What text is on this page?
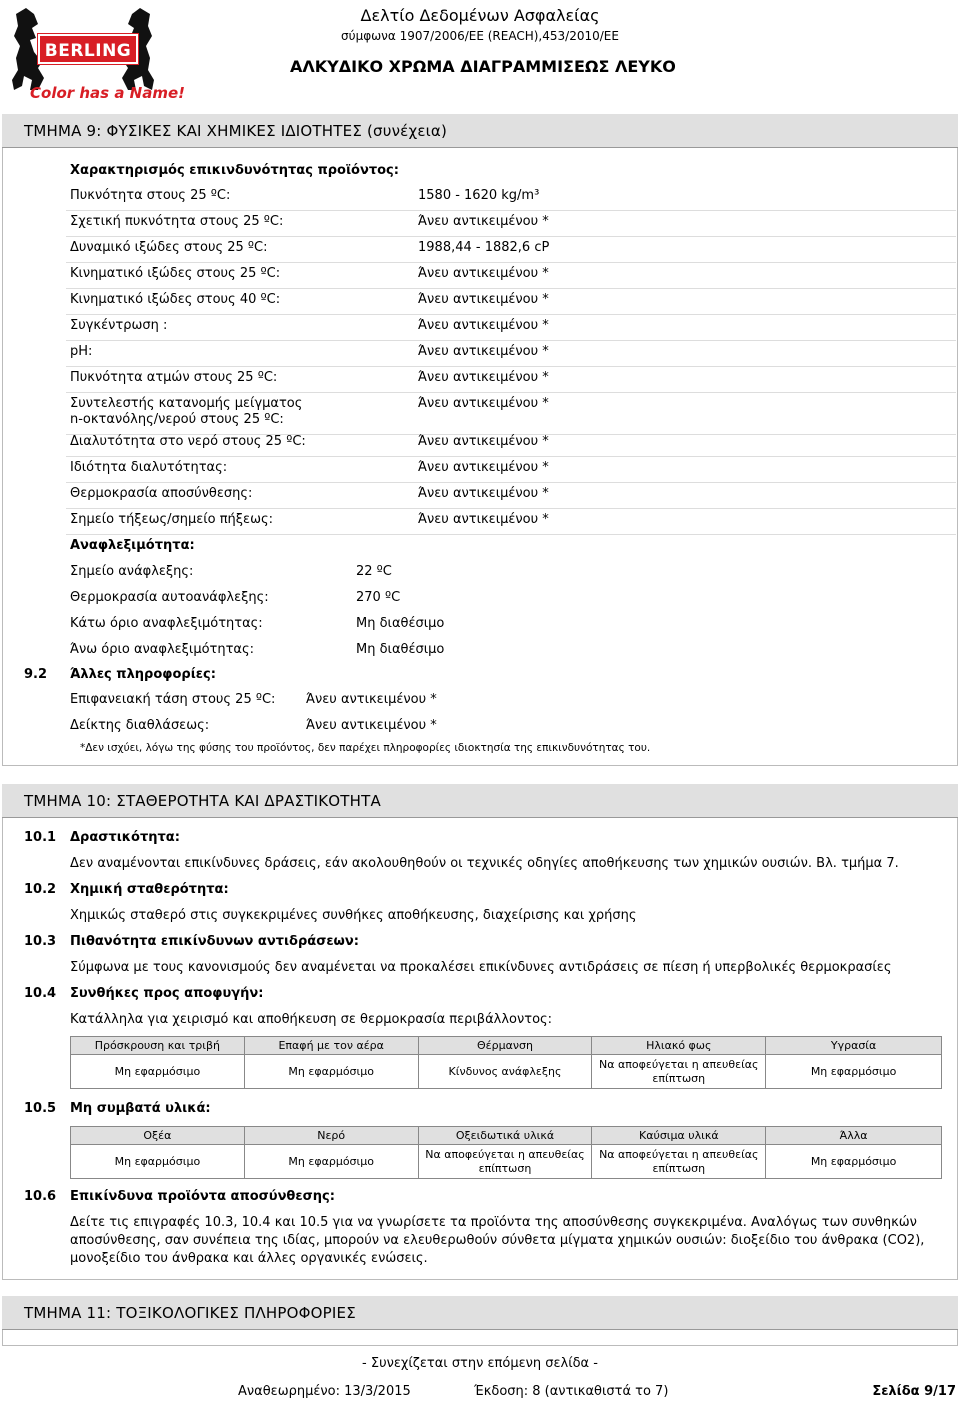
BERLING
Color has a Name!
Δελτίο Δεδομένων Ασφαλείας
σύμφωνα 1907/2006/ΕΕ (REACH),453/2010/ΕΕ
ΑΛΚΥΔΙΚΟ ΧΡΩΜΑ ΔΙΑΓΡΑΜΜΙΣΕΩΣ ΛΕΥΚΟ
ΤΜΗΜΑ 9: ΦΥΣΙΚΕΣ ΚΑΙ ΧΗΜΙΚΕΣ ΙΔΙΟΤΗΤΕΣ (συνέχεια)
Χαρακτηρισμός επικινδυνότητας προϊόντος:
Πυκνότητα στους 25 ºC:	1580 - 1620 kg/m³
Σχετική πυκνότητα στους 25 ºC:	Άνευ αντικειμένου *
Δυναμικό ιξώδες στους 25 ºC:	1988,44 - 1882,6 cP
Κινηματικό ιξώδες στους 25 ºC:	Άνευ αντικειμένου *
Κινηματικό ιξώδες στους 40 ºC:	Άνευ αντικειμένου *
Συγκέντρωση :	Άνευ αντικειμένου *
pH:	Άνευ αντικειμένου *
Πυκνότητα ατμών στους 25 ºC:	Άνευ αντικειμένου *
Συντελεστής κατανομής μείγματος
n-οκτανόλης/νερού στους 25 ºC:
Άνευ αντικειμένου *
Διαλυτότητα στο νερό στους 25 ºC:	Άνευ αντικειμένου *
Ιδιότητα διαλυτότητας:	Άνευ αντικειμένου *
Θερμοκρασία αποσύνθεσης:	Άνευ αντικειμένου *
Σημείο τήξεως/σημείο πήξεως:	Άνευ αντικειμένου *
Αναφλεξιμότητα:
Σημείο ανάφλεξης:	22 ºC
Θερμοκρασία αυτοανάφλεξης:	270 ºC
Κάτω όριο αναφλεξιμότητας:	Μη διαθέσιμο
Άνω όριο αναφλεξιμότητας:	Μη διαθέσιμο
9.2 Άλλες πληροφορίες:
Επιφανειακή τάση στους 25 ºC: Άνευ αντικειμένου *
Δείκτης διαθλάσεως:	Άνευ αντικειμένου *
*Δεν ισχύει, λόγω της φύσης του προϊόντος, δεν παρέχει πληροφορίες ιδιοκτησία της επικινδυνότητας του.
ΤΜΗΜΑ 10: ΣΤΑΘΕΡΟΤΗΤΑ ΚΑΙ ΔΡΑΣΤΙΚΟΤΗΤΑ
10.1 Δραστικότητα:
Δεν αναμένονται επικίνδυνες δράσεις, εάν ακολουθηθούν οι τεχνικές οδηγίες αποθήκευσης των χημικών ουσιών. Βλ. τμήμα 7.
10.2 Χημική σταθερότητα:
Χημικώς σταθερό στις συγκεκριμένες συνθήκες αποθήκευσης, διαχείρισης και χρήσης
10.3 Πιθανότητα επικίνδυνων αντιδράσεων:
Σύμφωνα με τους κανονισμούς δεν αναμένεται να προκαλέσει επικίνδυνες αντιδράσεις σε πίεση ή υπερβολικές θερμοκρασίες
10.4 Συνθήκες προς αποφυγήν:
Κατάλληλα για χειρισμό και αποθήκευση σε θερμοκρασία περιβάλλοντος:
Πρόσκρουση και τριβή	Επαφή με τον αέρα	Θέρμανση	Ηλιακό φως	Υγρασία
Μη εφαρμόσιμο	Μη εφαρμόσιμο	Κίνδυνος ανάφλεξης	Να αποφεύγεται η απευθείας
επίπτωση	Μη εφαρμόσιμο
10.5 Μη συμβατά υλικά:
Οξέα	Νερό	Οξειδωτικά υλικά	Καύσιμα υλικά	Άλλα
Μη εφαρμόσιμο	Μη εφαρμόσιμο	Να αποφεύγεται η απευθείας
επίπτωση	Να αποφεύγεται η απευθείας
επίπτωση	Μη εφαρμόσιμο
10.6 Επικίνδυνα προϊόντα αποσύνθεσης:
Δείτε τις επιγραφές 10.3, 10.4 και 10.5 για να γνωρίσετε τα προϊόντα της αποσύνθεσης συγκεκριμένα. Αναλόγως των συνθηκών
αποσύνθεσης, σαν συνέπεια της ιδίας, μπορούν να ελευθερωθούν σύνθετα μίγματα χημικών ουσιών: διοξείδιο του άνθρακα (CO2),
μονοξείδιο του άνθρακα και άλλες οργανικές ενώσεις.
ΤΜΗΜΑ 11: ΤΟΞΙΚΟΛΟΓΙΚΕΣ ΠΛΗΡΟΦΟΡΙΕΣ
- Συνεχίζεται στην επόμενη σελίδα -
Αναθεωρημένο: 13/3/2015	Έκδοση: 8 (αντικαθιστά το 7)	Σελίδα 9/17
